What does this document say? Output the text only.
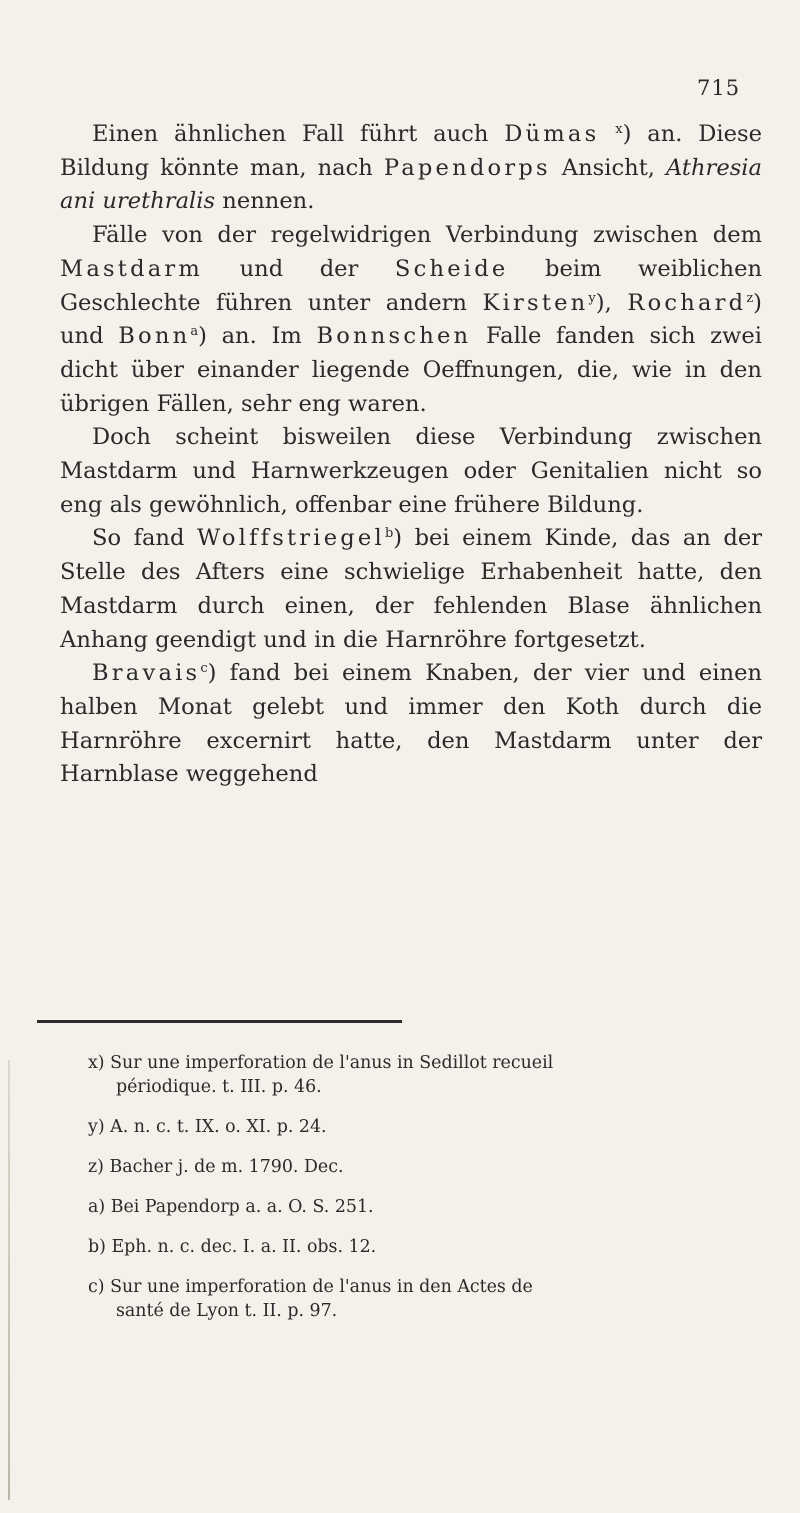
715

Einen ähnlichen Fall führt auch Dümas $^x$) an. Diese Bildung könnte man, nach Papendorps Ansicht, Athresia ani urethralis nennen.

Fälle von der regelwidrigen Verbindung zwischen dem Mastdarm und der Scheide beim weiblichen Geschlechte führen unter andern Kirsten$^y$), Rochard$^z$) und Bonn$^a$) an. Im Bonnschen Falle fanden sich zwei dicht über einander liegende Oeffnungen, die, wie in den übrigen Fällen, sehr eng waren.

Doch scheint bisweilen diese Verbindung zwischen Mastdarm und Harnwerkzeugen oder Genitalien nicht so eng als gewöhnlich, offenbar eine frühere Bildung.

So fand Wolffstriegel$^b$) bei einem Kinde, das an der Stelle des Afters eine schwielige Erhabenheit hatte, den Mastdarm durch einen, der fehlenden Blase ähnlichen Anhang geendigt und in die Harnröhre fortgesetzt.

Bravais$^c$) fand bei einem Knaben, der vier und einen halben Monat gelebt und immer den Koth durch die Harnröhre excernirt hatte, den Mastdarm unter der Harnblase weggehend

x) Sur une imperforation de l'anus in Sedillot recueil
périodique. t. III. p. 46.
y) A. n. c. t. IX. o. XI. p. 24.
z) Bacher j. de m. 1790. Dec.
a) Bei Papendorp a. a. O. S. 251.
b) Eph. n. c. dec. I. a. II. obs. 12.
c) Sur une imperforation de l'anus in den Actes de
santé de Lyon t. II. p. 97.
